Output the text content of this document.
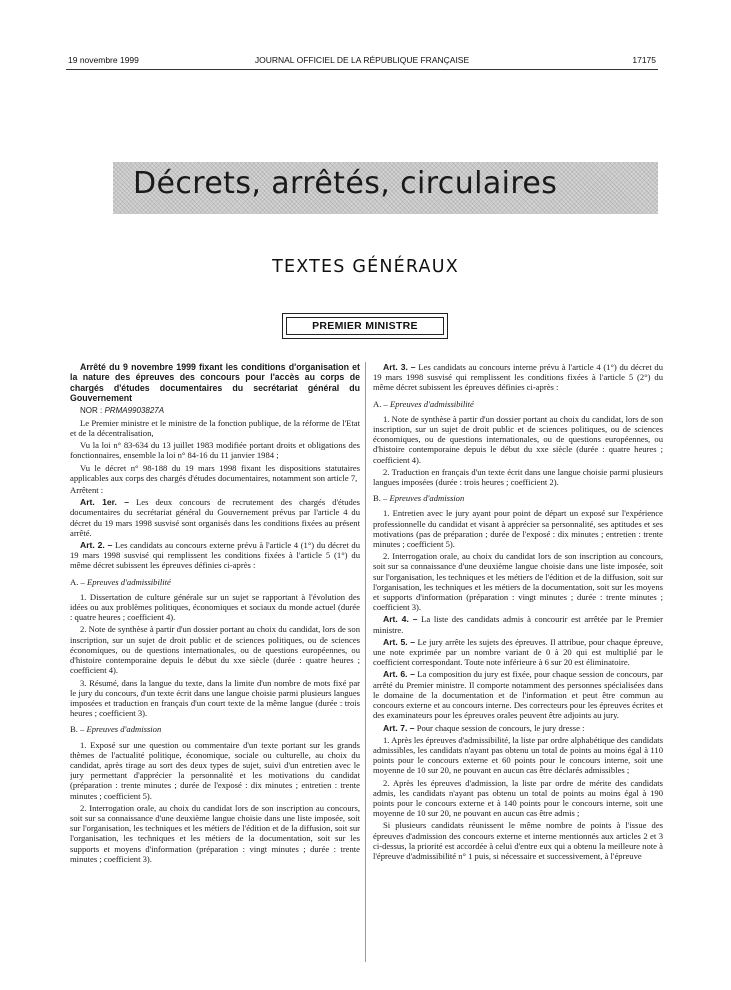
19 novembre 1999	JOURNAL OFFICIEL DE LA RÉPUBLIQUE FRANÇAISE	17175
Décrets, arrêtés, circulaires
TEXTES GÉNÉRAUX
PREMIER MINISTRE

Arrêté du 9 novembre 1999 fixant les conditions d'organisation et la nature des épreuves des concours pour l'accès au corps de chargés d'études documentaires du secrétariat général du Gouvernement

NOR : PRMA9903827A

Le Premier ministre et le ministre de la fonction publique, de la réforme de l'Etat et de la décentralisation,

Vu la loi n° 83-634 du 13 juillet 1983 modifiée portant droits et obligations des fonctionnaires, ensemble la loi n° 84-16 du 11 janvier 1984 ;

Vu le décret n° 98-188 du 19 mars 1998 fixant les dispositions statutaires applicables aux corps des chargés d'études documentaires, notamment son article 7,

Arrêtent :

Art. 1er. – Les deux concours de recrutement des chargés d'études documentaires du secrétariat général du Gouvernement prévus par l'article 4 du décret du 19 mars 1998 susvisé sont organisés dans les conditions fixées au présent arrêté.

Art. 2. – Les candidats au concours externe prévu à l'article 4 (1°) du décret du 19 mars 1998 susvisé qui remplissent les conditions fixées à l'article 5 (1°) du même décret subissent les épreuves définies ci-après :

A. – Epreuves d'admissibilité

1. Dissertation de culture générale sur un sujet se rapportant à l'évolution des idées ou aux problèmes politiques, économiques et sociaux du monde actuel (durée : quatre heures ; coefficient 4).

2. Note de synthèse à partir d'un dossier portant au choix du candidat, lors de son inscription, sur un sujet de droit public et de sciences politiques, ou de sciences économiques, ou de questions internationales, ou de questions européennes, ou d'histoire contemporaine depuis le début du xxe siècle (durée : quatre heures ; coefficient 4).

3. Résumé, dans la langue du texte, dans la limite d'un nombre de mots fixé par le jury du concours, d'un texte écrit dans une langue choisie parmi plusieurs langues imposées et traduction en français d'un court texte de la même langue (durée : trois heures ; coefficient 3).

B. – Epreuves d'admission

1. Exposé sur une question ou commentaire d'un texte portant sur les grands thèmes de l'actualité politique, économique, sociale ou culturelle, au choix du candidat, après tirage au sort des deux types de sujet, suivi d'un entretien avec le jury permettant d'apprécier la personnalité et les motivations du candidat (préparation : trente minutes ; durée de l'exposé : dix minutes ; entretien : trente minutes ; coefficient 5).

2. Interrogation orale, au choix du candidat lors de son inscription au concours, soit sur sa connaissance d'une deuxième langue choisie dans une liste imposée, soit sur l'organisation, les techniques et les métiers de l'édition et de la diffusion, soit sur l'organisation, les techniques et les métiers de la documentation, soit sur les supports et moyens d'information (préparation : vingt minutes ; durée : trente minutes ; coefficient 3).

Art. 3. – Les candidats au concours interne prévu à l'article 4 (1°) du décret du 19 mars 1998 susvisé qui remplissent les conditions fixées à l'article 5 (2°) du même décret subissent les épreuves définies ci-après :

A. – Epreuves d'admissibilité

1. Note de synthèse à partir d'un dossier portant au choix du candidat, lors de son inscription, sur un sujet de droit public et de sciences politiques, ou de sciences économiques, ou de questions internationales, ou de questions européennes, ou d'histoire contemporaine depuis le début du xxe siècle (durée : quatre heures ; coefficient 4).

2. Traduction en français d'un texte écrit dans une langue choisie parmi plusieurs langues imposées (durée : trois heures ; coefficient 2).

B. – Epreuves d'admission

1. Entretien avec le jury ayant pour point de départ un exposé sur l'expérience professionnelle du candidat et visant à apprécier sa personnalité, ses aptitudes et ses motivations (pas de préparation ; durée de l'exposé : dix minutes ; entretien : trente minutes ; coefficient 5).

2. Interrogation orale, au choix du candidat lors de son inscription au concours, soit sur sa connaissance d'une deuxième langue choisie dans une liste imposée, soit sur l'organisation, les techniques et les métiers de l'édition et de la diffusion, soit sur l'organisation, les techniques et les métiers de la documentation, soit sur les moyens et supports d'information (préparation : vingt minutes ; durée : trente minutes ; coefficient 3).

Art. 4. – La liste des candidats admis à concourir est arrêtée par le Premier ministre.

Art. 5. – Le jury arrête les sujets des épreuves. Il attribue, pour chaque épreuve, une note exprimée par un nombre variant de 0 à 20 qui est multiplié par le coefficient correspondant. Toute note inférieure à 6 sur 20 est éliminatoire.

Art. 6. – La composition du jury est fixée, pour chaque session de concours, par arrêté du Premier ministre. Il comporte notamment des personnes spécialisées dans le domaine de la documentation et de l'information et peut être commun au concours externe et au concours interne. Des correcteurs pour les épreuves écrites et des examinateurs pour les épreuves orales peuvent être adjoints au jury.

Art. 7. – Pour chaque session de concours, le jury dresse :

1. Après les épreuves d'admissibilité, la liste par ordre alphabétique des candidats admissibles, les candidats n'ayant pas obtenu un total de points au moins égal à 110 points pour le concours externe et 60 points pour le concours interne, soit une moyenne de 10 sur 20, ne pouvant en aucun cas être déclarés admissibles ;

2. Après les épreuves d'admission, la liste par ordre de mérite des candidats admis, les candidats n'ayant pas obtenu un total de points au moins égal à 190 points pour le concours externe et à 140 points pour le concours interne, soit une moyenne de 10 sur 20, ne pouvant en aucun cas être admis ;

Si plusieurs candidats réunissent le même nombre de points à l'issue des épreuves d'admission des concours externe et interne mentionnés aux articles 2 et 3 ci-dessus, la priorité est accordée à celui d'entre eux qui a obtenu la meilleure note à l'épreuve d'admissibilité n° 1 puis, si nécessaire et successivement, à l'épreuve
